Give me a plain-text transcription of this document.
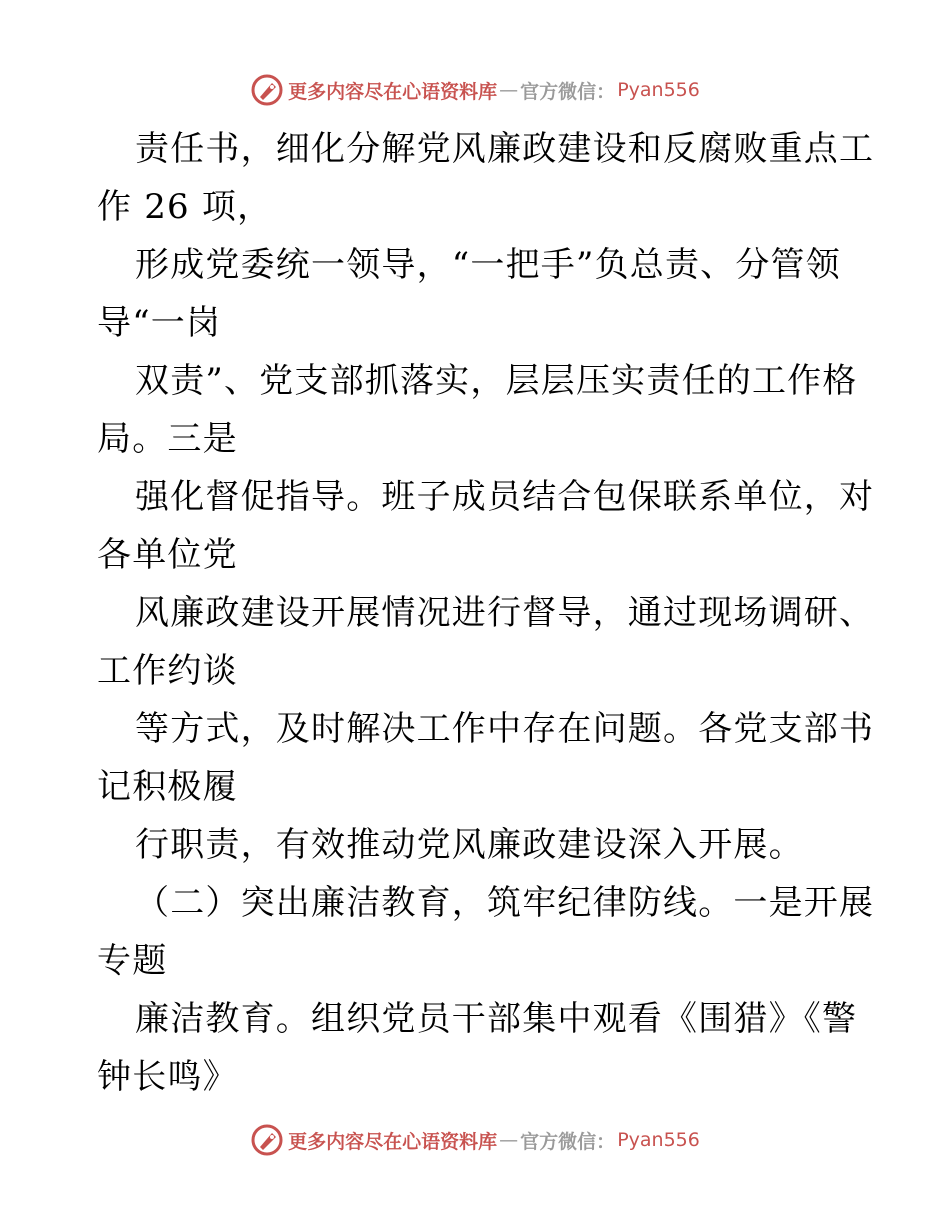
更多内容尽在心语资料库 — 官方微信： Pyan556
责任书，细化分解党风廉政建设和反腐败重点工
作 26 项，
形成党委统一领导，“一把手”负总责、分管领
导“一岗
双责”、党支部抓落实，层层压实责任的工作格
局。三是
强化督促指导。班子成员结合包保联系单位，对
各单位党
风廉政建设开展情况进行督导，通过现场调研、
工作约谈
等方式，及时解决工作中存在问题。各党支部书
记积极履
行职责，有效推动党风廉政建设深入开展。
（二）突出廉洁教育，筑牢纪律防线。一是开展
专题
廉洁教育。组织党员干部集中观看《围猎》《警
钟长鸣》
更多内容尽在心语资料库 — 官方微信： Pyan556
